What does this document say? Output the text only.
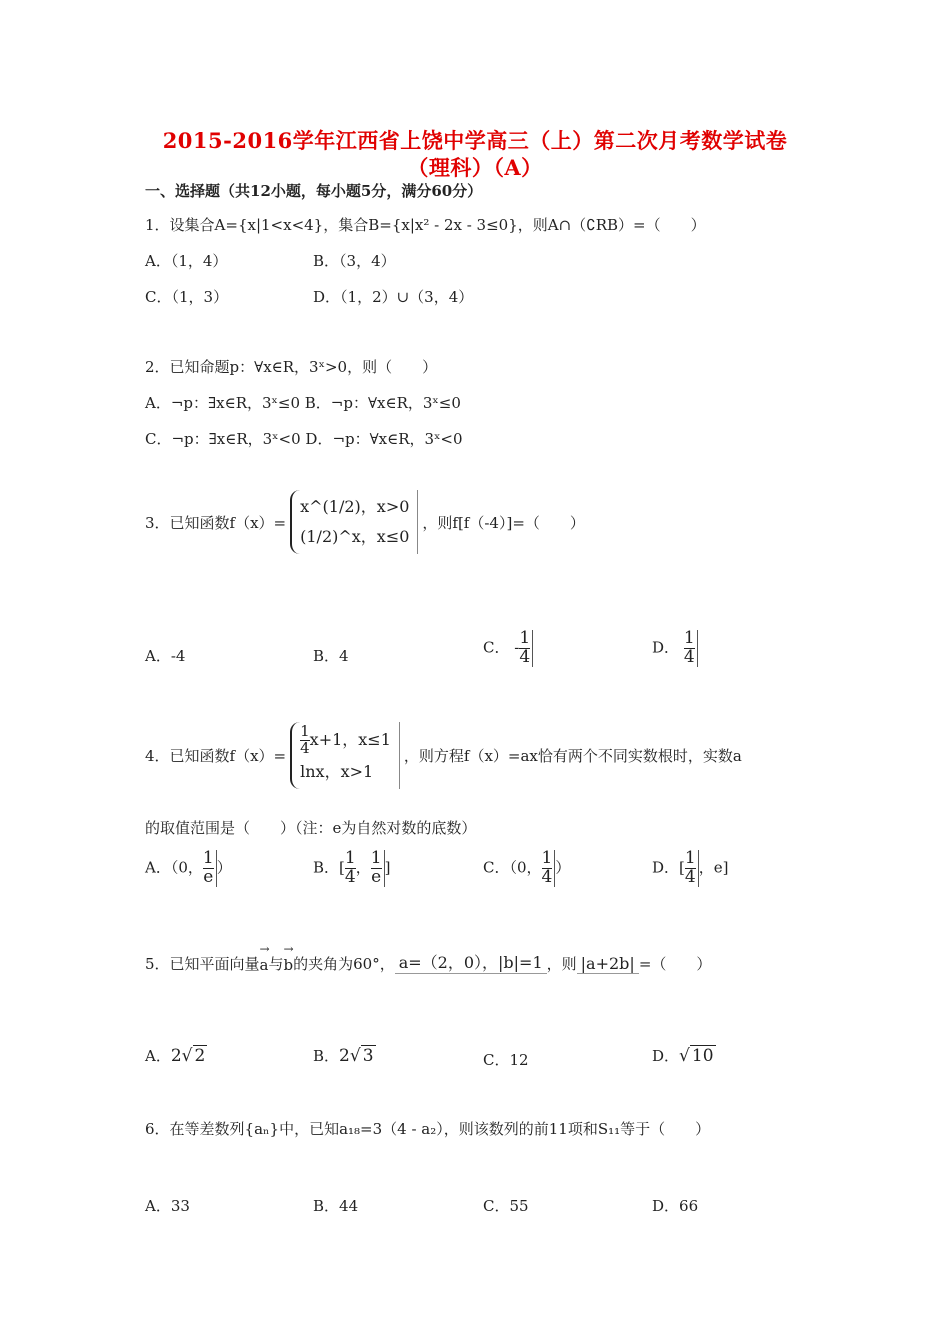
2015-2016学年江西省上饶中学高三（上）第二次月考数学试卷
（理科）（A）
一、选择题（共12小题，每小题5分，满分60分）
1．设集合A={x|1<x<4}，集合B={x|x² - 2x - 3≤0}，则A∩（∁RB）=（　　）
A．（1，4）	B．（3，4）
C．（1，3）	D．（1，2）∪（3，4）
2．已知命题p：∀x∈R，3ˣ>0，则（　　）
A．¬p：∃x∈R，3ˣ≤0 B．¬p：∀x∈R，3ˣ≤0
C．¬p：∃x∈R，3ˣ<0 D．¬p：∀x∈R，3ˣ<0
3．已知函数f（x）=
x^(1/2)，x>0
(1/2)^x，x≤0
，则f[f（-4）]=（　　）
A．-4	B．4	C． - $\frac{1}{4}$	D． $\frac{1}{4}$
4．已知函数$f(x)= \frac{1}{4} x+1$，x≤1
lnx，x>1
，则方程f（x）=ax恰有两个不同实数根时，实数a
的取值范围是（　　）（注：e为自然对数的底数）
A．（0， $\frac{1}{e}$ ）	B．[ $\frac{1}{4}$ ， $\frac{1}{e}$ ]	C．（0， $\frac{1}{4}$ ）	D．[ $\frac{1}{4}$ ，e]
5．已知平面向量 → a 与 → b 的夹角为60°， a=（2，0），|b|=1 ，则 |a+2b| =（　　）
A．2√ 2	B．2√ 3	C．12	D．√ 10
6．在等差数列{aₙ}中，已知a₁₈=3（4 - a₂），则该数列的前11项和S₁₁等于（　　）
A．33	B．44	C．55	D．66
